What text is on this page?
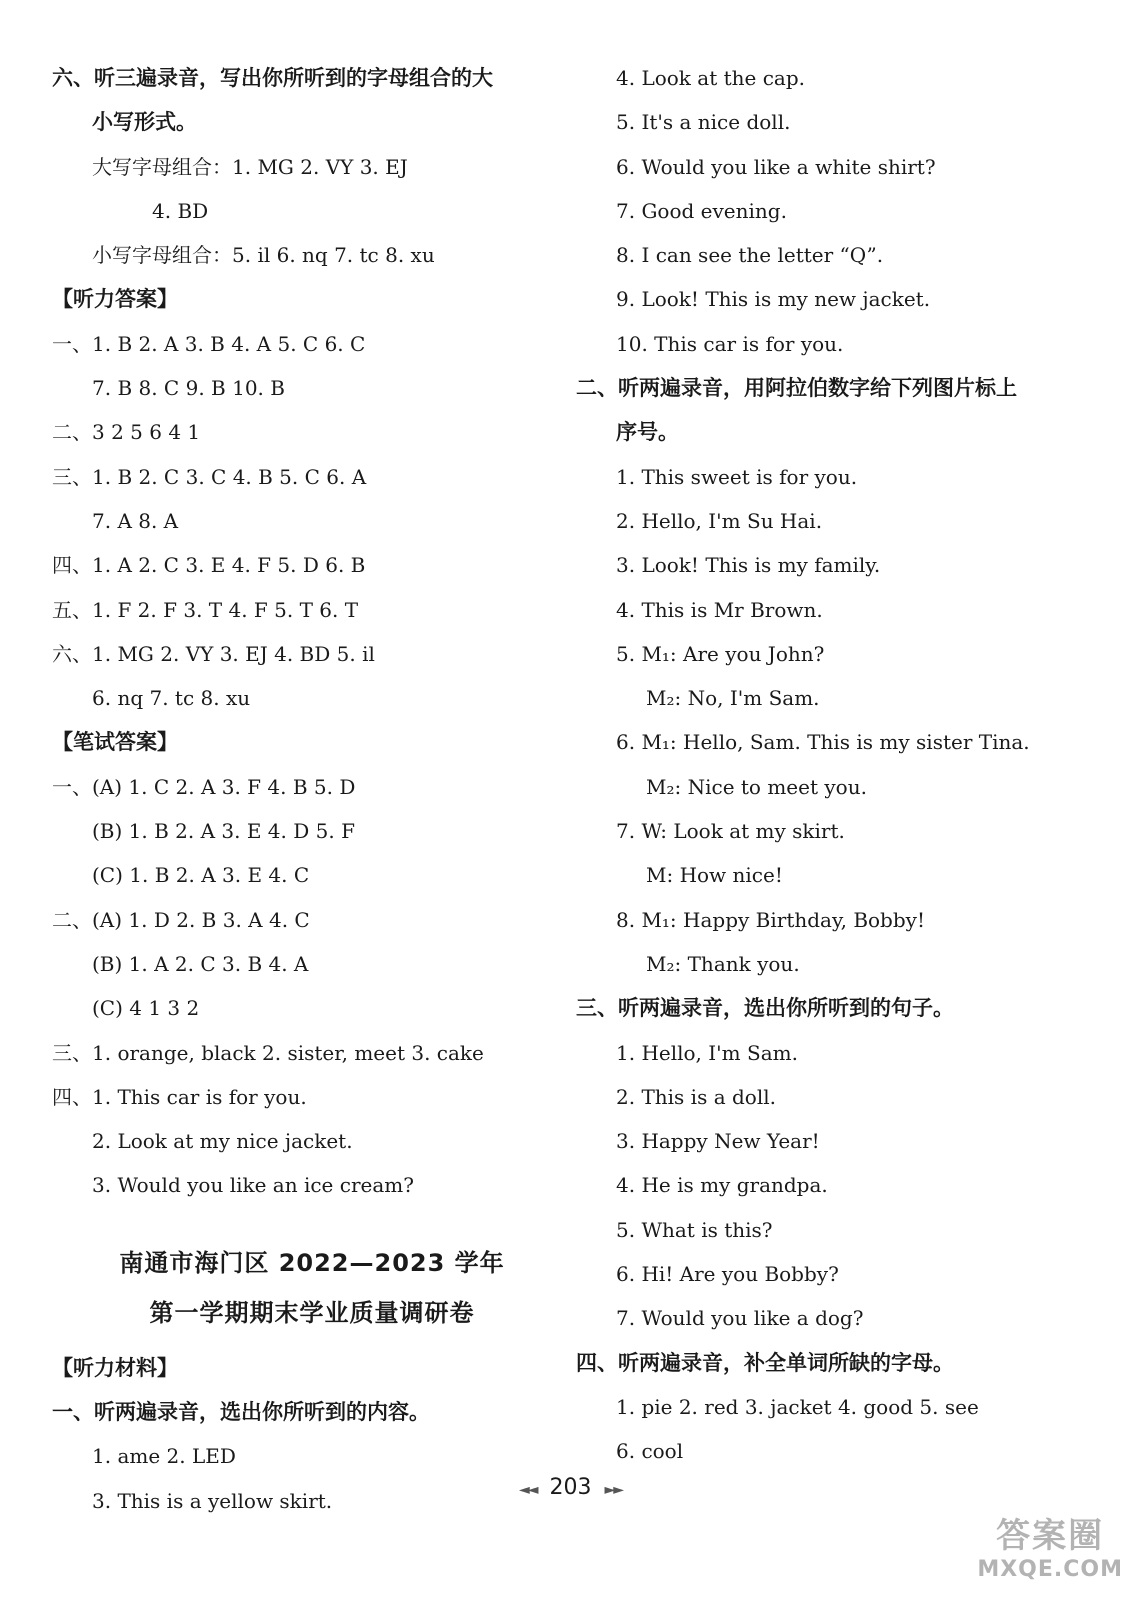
六、听三遍录音，写出你所听到的字母组合的大
小写形式。
大写字母组合：1. MG 2. VY 3. EJ
4. BD
小写字母组合：5. il 6. nq 7. tc 8. xu
【听力答案】
一、1. B 2. A 3. B 4. A 5. C 6. C
7. B 8. C 9. B 10. B
二、3 2 5 6 4 1
三、1. B 2. C 3. C 4. B 5. C 6. A
7. A 8. A
四、1. A 2. C 3. E 4. F 5. D 6. B
五、1. F 2. F 3. T 4. F 5. T 6. T
六、1. MG 2. VY 3. EJ 4. BD 5. il
6. nq 7. tc 8. xu
【笔试答案】
一、(A) 1. C 2. A 3. F 4. B 5. D
(B) 1. B 2. A 3. E 4. D 5. F
(C) 1. B 2. A 3. E 4. C
二、(A) 1. D 2. B 3. A 4. C
(B) 1. A 2. C 3. B 4. A
(C) 4 1 3 2
三、1. orange, black 2. sister, meet 3. cake
四、1. This car is for you.
2. Look at my nice jacket.
3. Would you like an ice cream?
南通市海门区 2022—2023 学年
第一学期期末学业质量调研卷
【听力材料】
一、听两遍录音，选出你所听到的内容。
1. ame 2. LED
3. This is a yellow skirt.
4. Look at the cap.
5. It's a nice doll.
6. Would you like a white shirt?
7. Good evening.
8. I can see the letter “Q”.
9. Look! This is my new jacket.
10. This car is for you.
二、听两遍录音，用阿拉伯数字给下列图片标上
序号。
1. This sweet is for you.
2. Hello, I'm Su Hai.
3. Look! This is my family.
4. This is Mr Brown.
5. M₁: Are you John?
M₂: No, I'm Sam.
6. M₁: Hello, Sam. This is my sister Tina.
M₂: Nice to meet you.
7. W: Look at my skirt.
M: How nice!
8. M₁: Happy Birthday, Bobby!
M₂: Thank you.
三、听两遍录音，选出你所听到的句子。
1. Hello, I'm Sam.
2. This is a doll.
3. Happy New Year!
4. He is my grandpa.
5. What is this?
6. Hi! Are you Bobby?
7. Would you like a dog?
四、听两遍录音，补全单词所缺的字母。
1. pie 2. red 3. jacket 4. good 5. see
6. cool
◄◄ 203 ►►
答案圈
MXQE.COM
